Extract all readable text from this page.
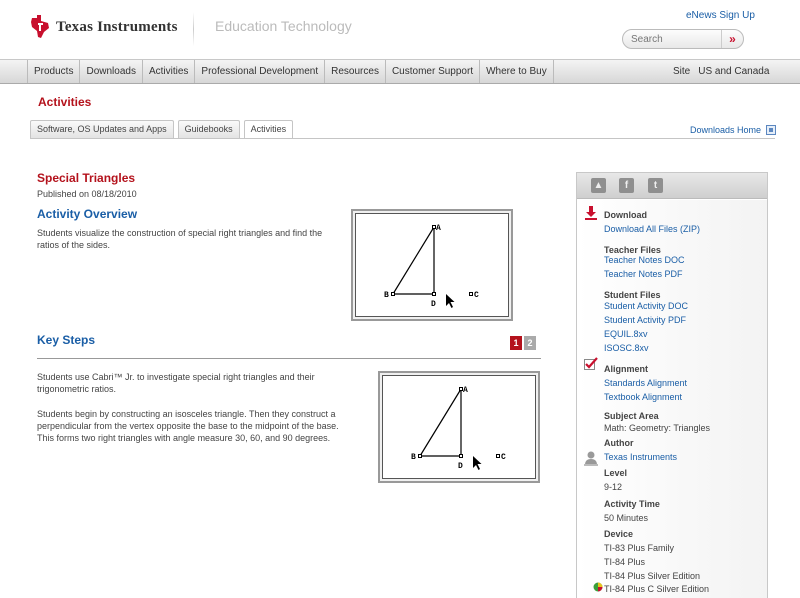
Texas Instruments	Education Technology
eNews Sign Up
Search
»
Products	Downloads	Activities	Professional Development	Resources	Customer Support	Where to Buy	Site US and Canada
Activities
Software, OS Updates and Apps	Guidebooks	Activities	Downloads Home
Special Triangles
Published on 08/18/2010
Activity Overview
Students visualize the construction of special right triangles and find the ratios of the sides.
A
B	C
D
Key Steps	1 2
Students use Cabri™ Jr. to investigate special right triangles and their trigonometric ratios.
Students begin by constructing an isosceles triangle. Then they construct a perpendicular from the vertex opposite the base to the midpoint of the base. This forms two right triangles with angle measure 30, 60, and 90 degrees.
A
B	C
D
▲	f	t
Download
Download All Files (ZIP)
Teacher Files
Teacher Notes DOC
Teacher Notes PDF
Student Files
Student Activity DOC
Student Activity PDF
EQUIL.8xv
ISOSC.8xv
Alignment
Standards Alignment
Textbook Alignment
Subject Area
Math: Geometry: Triangles
Author
Texas Instruments
Level
9-12
Activity Time
50 Minutes
Device
TI-83 Plus Family
TI-84 Plus
TI-84 Plus Silver Edition
TI-84 Plus C Silver Edition
